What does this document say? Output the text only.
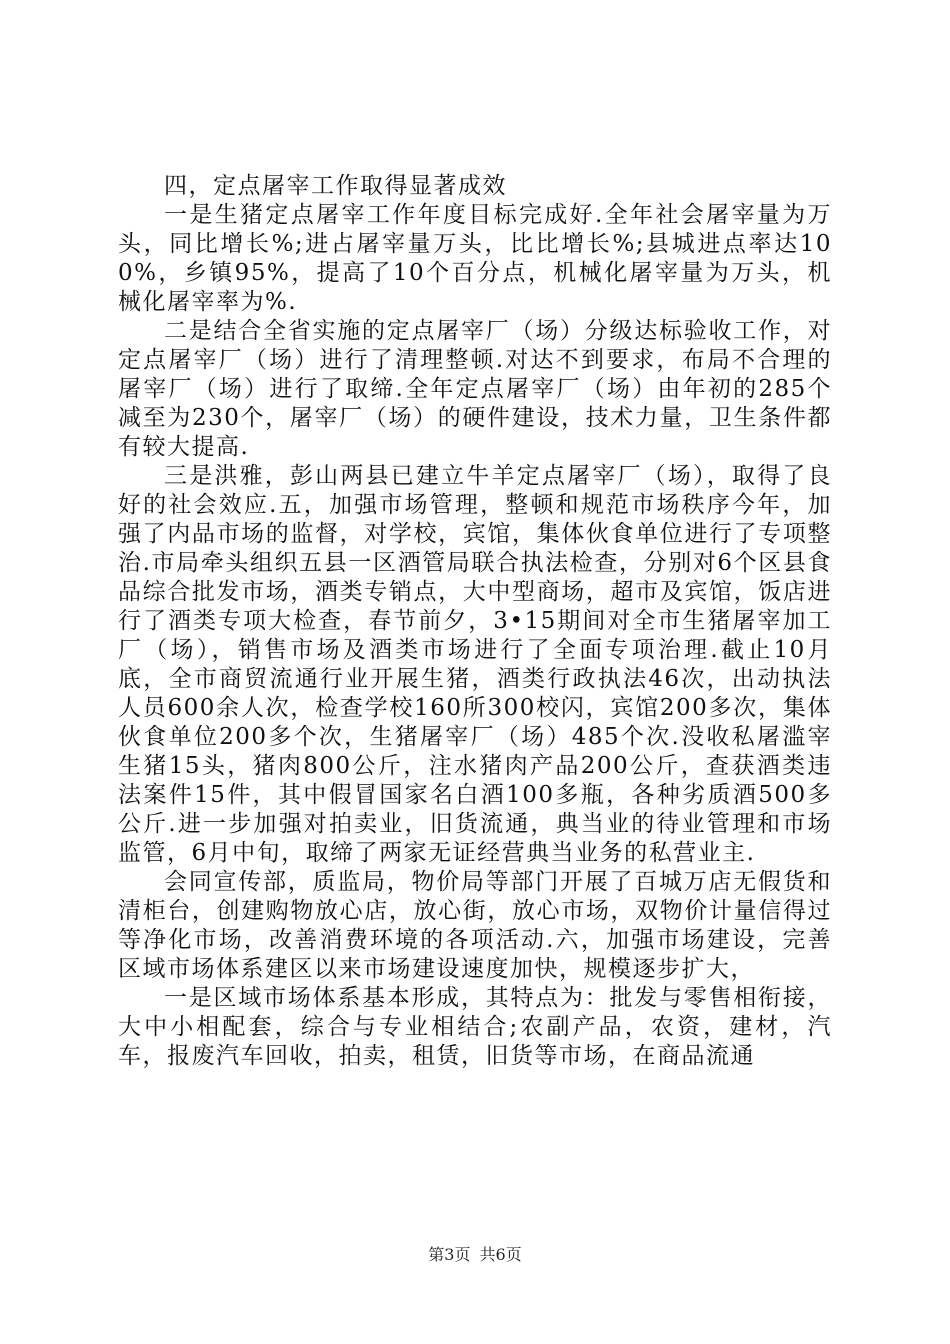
四，定点屠宰工作取得显著成效

一是生猪定点屠宰工作年度目标完成好.全年社会屠宰量为万头，同比增长%;进占屠宰量万头，比比增长%;县城进点率达100%，乡镇95%，提高了10个百分点，机械化屠宰量为万头，机械化屠宰率为%.

二是结合全省实施的定点屠宰厂（场）分级达标验收工作，对定点屠宰厂（场）进行了清理整顿.对达不到要求，布局不合理的屠宰厂（场）进行了取缔.全年定点屠宰厂（场）由年初的285个减至为230个，屠宰厂（场）的硬件建设，技术力量，卫生条件都有较大提高.

三是洪雅，彭山两县已建立牛羊定点屠宰厂（场），取得了良好的社会效应.五，加强市场管理，整顿和规范市场秩序今年，加强了内品市场的监督，对学校，宾馆，集体伙食单位进行了专项整治.市局牵头组织五县一区酒管局联合执法检查，分别对6个区县食品综合批发市场，酒类专销点，大中型商场，超市及宾馆，饭店进行了酒类专项大检查，春节前夕，3•15期间对全市生猪屠宰加工厂（场），销售市场及酒类市场进行了全面专项治理.截止10月底，全市商贸流通行业开展生猪，酒类行政执法46次，出动执法人员600余人次，检查学校160所300校闪，宾馆200多次，集体伙食单位200多个次，生猪屠宰厂（场）485个次.没收私屠滥宰生猪15头，猪肉800公斤，注水猪肉产品200公斤，查获酒类违法案件15件，其中假冒国家名白酒100多瓶，各种劣质酒500多公斤.进一步加强对拍卖业，旧货流通，典当业的待业管理和市场监管，6月中旬，取缔了两家无证经营典当业务的私营业主.

会同宣传部，质监局，物价局等部门开展了百城万店无假货和清柜台，创建购物放心店，放心街，放心市场，双物价计量信得过等净化市场，改善消费环境的各项活动.六，加强市场建设，完善区域市场体系建区以来市场建设速度加快，规模逐步扩大，

一是区域市场体系基本形成，其特点为：批发与零售相衔接，大中小相配套，综合与专业相结合;农副产品，农资，建材，汽车，报废汽车回收，拍卖，租赁，旧货等市场，在商品流通

第3页 共6页
